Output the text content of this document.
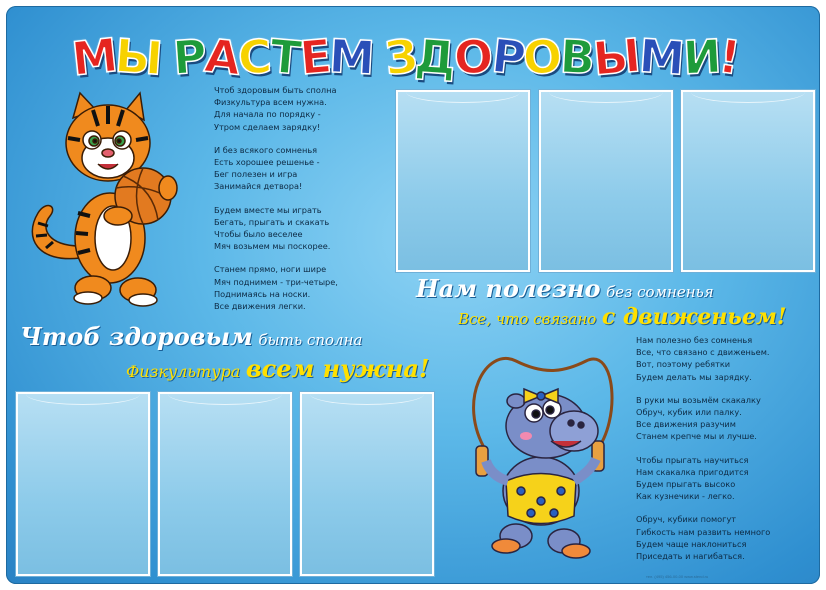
М
Ы
Р
А
С
Т
Е
М
З
Д
О
Р
О
В
Ы
М
И
!
Чтоб здоровым быть сполна
Физкультура всем нужна.
Для начала по порядку -
Утром сделаем зарядку!
И без всякого сомненья
Есть хорошее решенье -
Бег полезен и игра
Занимайся детвора!
Будем вместе мы играть
Бегать, прыгать и скакать
Чтобы было веселее
Мяч возьмем мы поскорее.
Станем прямо, ноги шире
Мяч поднимем - три-четыре,
Поднимаясь на носки.
Все движения легки.
Нам полезно без сомненья
Все, что связано с движеньем!
Чтоб здоровым быть сполна
Физкультура всем нужна!
Нам полезно без сомненья
Все, что связано с движеньем.
Вот, поэтому ребятки
Будем делать мы зарядку.
В руки мы возьмём скакалку
Обруч, кубик или палку.
Все движения разучим
Станем крепче мы и лучше.
Чтобы прыгать научиться
Нам скакалка пригодится
Будем прыгать высоко
Как кузнечики - легко.
Обруч, кубики помогут
Гибкость нам развить немного
Будем чаще наклониться
Приседать и нагибаться.
тел. (495) 456-00-00 www.stend.ru
